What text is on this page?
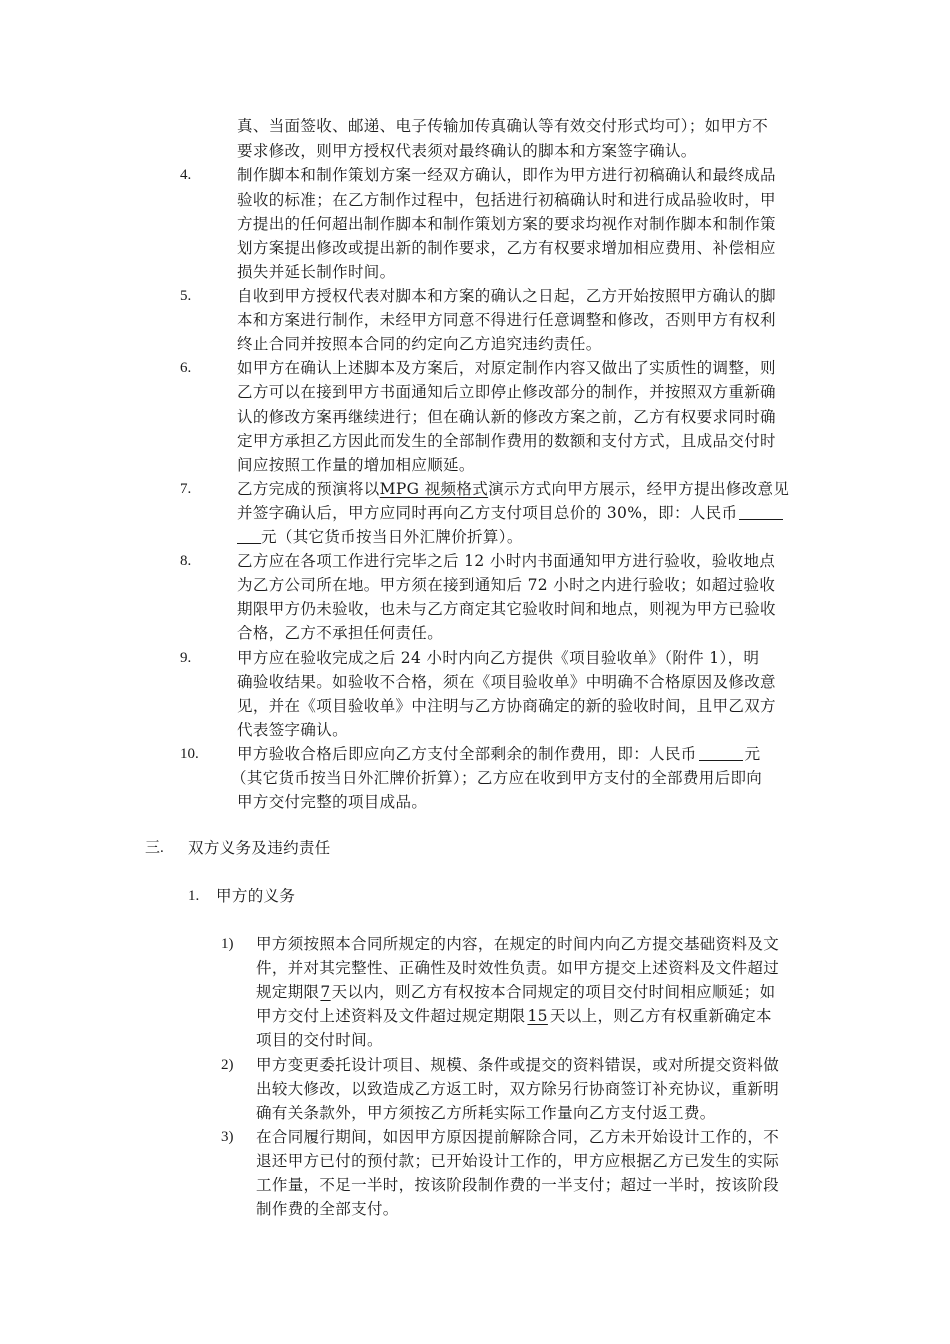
真、当面签收、邮递、电子传输加传真确认等有效交付形式均可）；如甲方不
要求修改，则甲方授权代表须对最终确认的脚本和方案签字确认。
4.	制作脚本和制作策划方案一经双方确认，即作为甲方进行初稿确认和最终成品
验收的标准；在乙方制作过程中，包括进行初稿确认时和进行成品验收时，甲
方提出的任何超出制作脚本和制作策划方案的要求均视作对制作脚本和制作策
划方案提出修改或提出新的制作要求，乙方有权要求增加相应费用、补偿相应
损失并延长制作时间。
5.	自收到甲方授权代表对脚本和方案的确认之日起，乙方开始按照甲方确认的脚
本和方案进行制作，未经甲方同意不得进行任意调整和修改，否则甲方有权利
终止合同并按照本合同的约定向乙方追究违约责任。
6.	如甲方在确认上述脚本及方案后，对原定制作内容又做出了实质性的调整，则
乙方可以在接到甲方书面通知后立即停止修改部分的制作，并按照双方重新确
认的修改方案再继续进行；但在确认新的修改方案之前，乙方有权要求同时确
定甲方承担乙方因此而发生的全部制作费用的数额和支付方式，且成品交付时
间应按照工作量的增加相应顺延。
7.	乙方完成的预演将以MPG 视频格式演示方式向甲方展示，经甲方提出修改意见
并签字确认后，甲方应同时再向乙方支付项目总价的 30%，即：人民币
元（其它货币按当日外汇牌价折算）。
8.	乙方应在各项工作进行完毕之后 12 小时内书面通知甲方进行验收，验收地点
为乙方公司所在地。甲方须在接到通知后 72 小时之内进行验收；如超过验收
期限甲方仍未验收，也未与乙方商定其它验收时间和地点，则视为甲方已验收
合格，乙方不承担任何责任。
9.	甲方应在验收完成之后 24 小时内向乙方提供《项目验收单》（附件 1），明
确验收结果。如验收不合格，须在《项目验收单》中明确不合格原因及修改意
见，并在《项目验收单》中注明与乙方协商确定的新的验收时间，且甲乙双方
代表签字确认。
10. 甲方验收合格后即应向乙方支付全部剩余的制作费用，即：人民币	元
（其它货币按当日外汇牌价折算）；乙方应在收到甲方支付的全部费用后即向
甲方交付完整的项目成品。
三. 双方义务及违约责任
1. 甲方的义务
1) 甲方须按照本合同所规定的内容，在规定的时间内向乙方提交基础资料及文
件，并对其完整性、正确性及时效性负责。如甲方提交上述资料及文件超过
规定期限7天以内，则乙方有权按本合同规定的项目交付时间相应顺延；如
甲方交付上述资料及文件超过规定期限 15 天以上，则乙方有权重新确定本
项目的交付时间。
2) 甲方变更委托设计项目、规模、条件或提交的资料错误，或对所提交资料做
出较大修改，以致造成乙方返工时，双方除另行协商签订补充协议，重新明
确有关条款外，甲方须按乙方所耗实际工作量向乙方支付返工费。
3) 在合同履行期间，如因甲方原因提前解除合同，乙方未开始设计工作的，不
退还甲方已付的预付款；已开始设计工作的，甲方应根据乙方已发生的实际
工作量，不足一半时，按该阶段制作费的一半支付；超过一半时，按该阶段
制作费的全部支付。
